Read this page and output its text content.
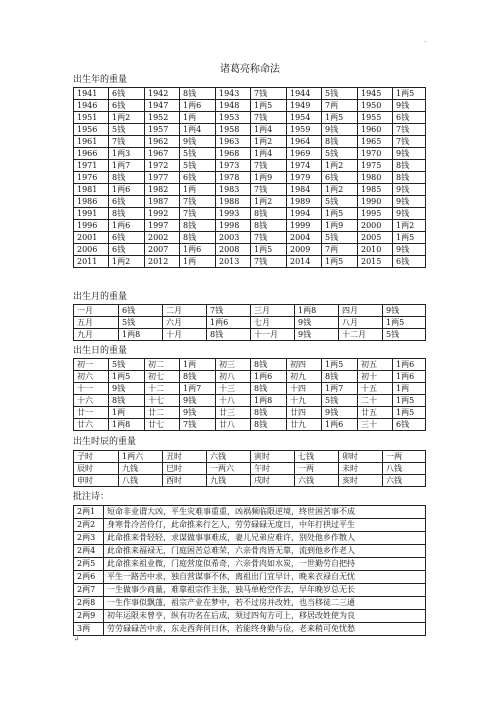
.
诸葛亮称命法
出生年的重量
1941	6钱	1942	8钱	1943	7钱	1944	5钱	1945	1两5
1946	6钱	1947	1两6	1948	1两5	1949	7两	1950	9钱
1951	1两2	1952	1两	1953	7钱	1954	1两5	1955	6钱
1956	5钱	1957	1两4	1958	1两4	1959	9钱	1960	7钱
1961	7钱	1962	9钱	1963	1两2	1964	8钱	1965	7钱
1966	1两3	1967	5钱	1968	1两4	1969	5钱	1970	9钱
1971	1两7	1972	5钱	1973	7钱	1974	1两2	1975	8钱
1976	8钱	1977	6钱	1978	1两9	1979	6钱	1980	8钱
1981	1两6	1982	1两	1983	7钱	1984	1两2	1985	9钱
1986	6钱	1987	7钱	1988	1两2	1989	5钱	1990	9钱
1991	8钱	1992	7钱	1993	8钱	1994	1两5	1995	9钱
1996	1两6	1997	8钱	1998	8钱	1999	1两9	2000	1两2
2001	6钱	2002	8钱	2003	7钱	2004	5钱	2005	1两5
2006	6钱	2007	1两6	2008	1两5	2009	7两	2010	9钱
2011	1两2	2012	1两	2013	7钱	2014	1两5	2015	6钱
出生月的重量
一月	6钱	二月	7钱	三月	1两8	四月	9钱
五月	5钱	六月	1两6	七月	9钱	八月	1两5
九月	1两8	十月	8钱	十一月	9钱	十二月	5钱
出生日的重量
初一	5钱	初二	1两	初三	8钱	初四	1两5	初五	1两6
初六	1两5	初七	8钱	初八	1两6	初九	8钱	初十	1两6
十一	9钱	十二	1两7	十三	8钱	十四	1两7	十五	1两
十六	8钱	十七	9钱	十八	1两8	十九	5钱	二十	1两5
廿一	1两	廿二	9钱	廿三	8钱	廿四	9钱	廿五	1两5
廿六	1两8	廿七	7钱	廿八	8钱	廿九	1两6	三十	6钱
出生时辰的重量
子时	1两六	丑时	六钱	寅时	七钱	卯时	一两
辰时	九钱	巳时	一两六	午时	一两	未时	八钱
申时	八钱	酉时	九钱	戌时	六钱	亥时	六钱
批注诗：
2两1	短命非业谓大凶，平生灾难事重重，凶祸频临限逆境，终世困苦事不成
2两2	身寒骨冷苦伶仃，此命推来行乞人，劳劳碌碌无度日，中年打拱过平生
2两3	此命推来骨轻轻，求谋做事事难成，妻儿兄弟应难许，别处他乡作散人
2两4	此命推来福禄无，门庭困苦总难荣，六亲骨肉皆无靠，流到他乡作老人
2两5	此命推来祖业微，门庭营度似希奇，六亲骨肉如水炭，一世勤劳自把持
2两6	平生一路苦中求，独自营谋事不休，离祖出门宜早计，晚来衣禄自无忧
2两7	一生做事少商量，难靠祖宗作主张，独马单枪空作去，早年晚岁总无长
2两8	一生作事似飘蓬，祖宗产业在梦中，若不过房并改姓，也当移徒二三通
2两9	初年运限未曾亨，纵有功名在后成，须过四旬方可上，移居改姓使为良
3两	劳劳碌碌苦中求，东走西奔何日休，若能终身勤与俭，老来稍可免忧愁
↲
